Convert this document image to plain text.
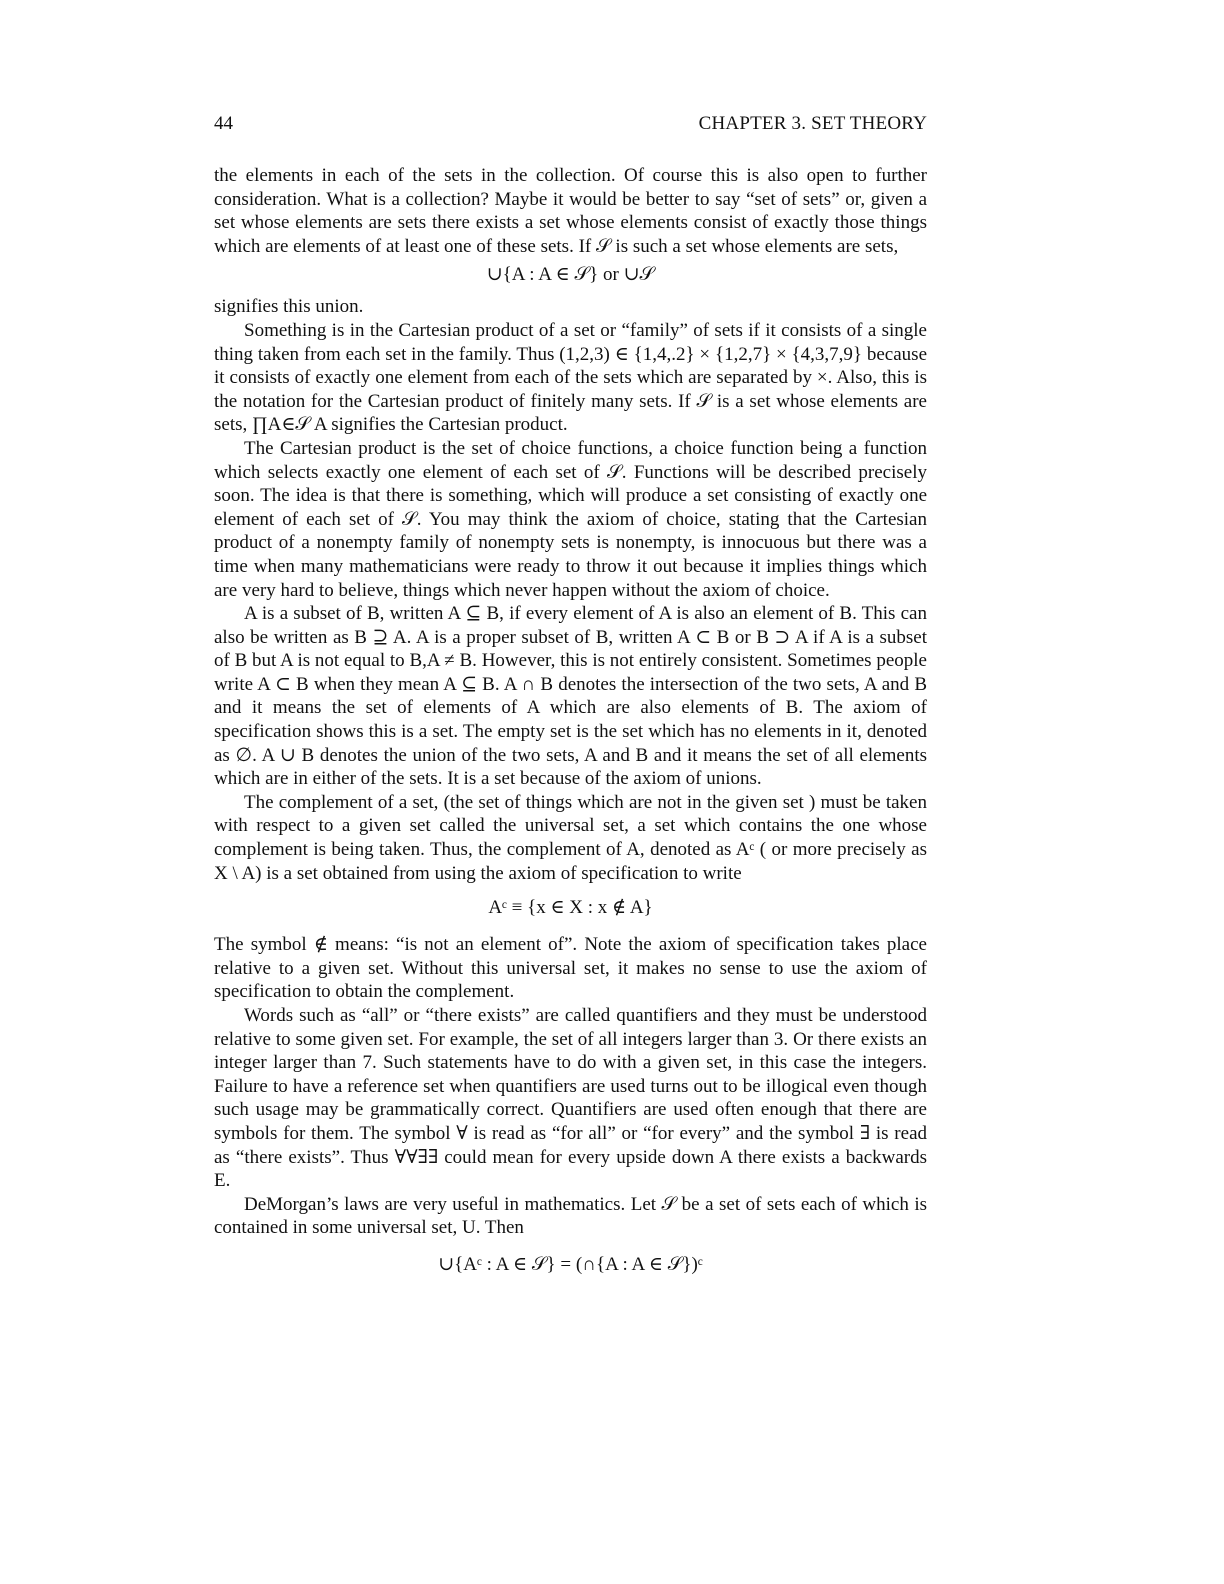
44	CHAPTER 3. SET THEORY

the elements in each of the sets in the collection. Of course this is also open to further consideration. What is a collection? Maybe it would be better to say “set of sets” or, given a set whose elements are sets there exists a set whose elements consist of exactly those things which are elements of at least one of these sets. If 𝒮 is such a set whose elements are sets,

∪{A : A ∈ 𝒮} or ∪𝒮

signifies this union.

Something is in the Cartesian product of a set or “family” of sets if it consists of a single thing taken from each set in the family. Thus (1,2,3) ∈ {1,4,.2} × {1,2,7} × {4,3,7,9} because it consists of exactly one element from each of the sets which are separated by ×. Also, this is the notation for the Cartesian product of finitely many sets. If 𝒮 is a set whose elements are sets, ∏A∈𝒮 A signifies the Cartesian product.

The Cartesian product is the set of choice functions, a choice function being a function which selects exactly one element of each set of 𝒮. Functions will be described precisely soon. The idea is that there is something, which will produce a set consisting of exactly one element of each set of 𝒮. You may think the axiom of choice, stating that the Cartesian product of a nonempty family of nonempty sets is nonempty, is innocuous but there was a time when many mathematicians were ready to throw it out because it implies things which are very hard to believe, things which never happen without the axiom of choice.

A is a subset of B, written A ⊆ B, if every element of A is also an element of B. This can also be written as B ⊇ A. A is a proper subset of B, written A ⊂ B or B ⊃ A if A is a subset of B but A is not equal to B,A ≠ B. However, this is not entirely consistent. Sometimes people write A ⊂ B when they mean A ⊆ B. A ∩ B denotes the intersection of the two sets, A and B and it means the set of elements of A which are also elements of B. The axiom of specification shows this is a set. The empty set is the set which has no elements in it, denoted as ∅. A ∪ B denotes the union of the two sets, A and B and it means the set of all elements which are in either of the sets. It is a set because of the axiom of unions.

The complement of a set, (the set of things which are not in the given set ) must be taken with respect to a given set called the universal set, a set which contains the one whose complement is being taken. Thus, the complement of A, denoted as Aᶜ ( or more precisely as X \ A) is a set obtained from using the axiom of specification to write

Aᶜ ≡ {x ∈ X : x ∉ A}

The symbol ∉ means: “is not an element of”. Note the axiom of specification takes place relative to a given set. Without this universal set, it makes no sense to use the axiom of specification to obtain the complement.

Words such as “all” or “there exists” are called quantifiers and they must be understood relative to some given set. For example, the set of all integers larger than 3. Or there exists an integer larger than 7. Such statements have to do with a given set, in this case the integers. Failure to have a reference set when quantifiers are used turns out to be illogical even though such usage may be grammatically correct. Quantifiers are used often enough that there are symbols for them. The symbol ∀ is read as “for all” or “for every” and the symbol ∃ is read as “there exists”. Thus ∀∀∃∃ could mean for every upside down A there exists a backwards E.

DeMorgan’s laws are very useful in mathematics. Let 𝒮 be a set of sets each of which is contained in some universal set, U. Then

∪{Aᶜ : A ∈ 𝒮} = (∩{A : A ∈ 𝒮})ᶜ
